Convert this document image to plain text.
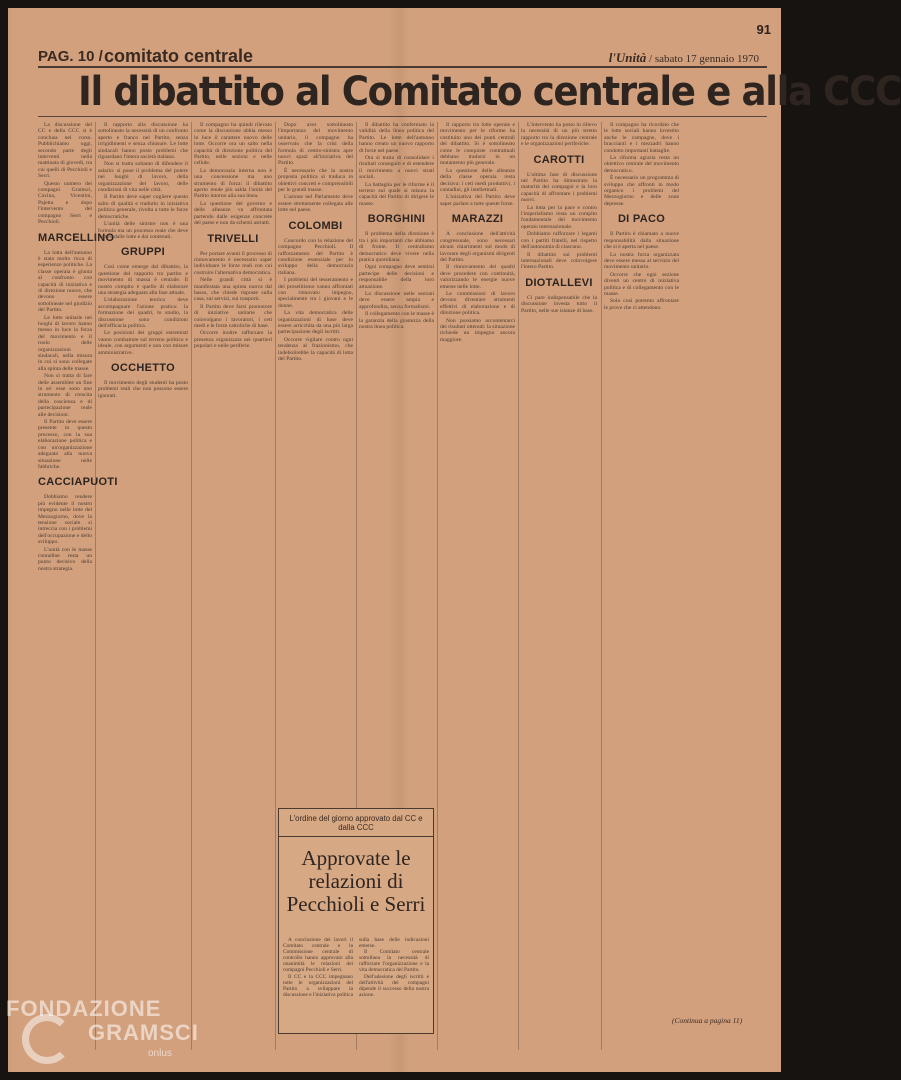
91
PAG. 10 / comitato centrale	l'Unità / sabato 17 gennaio 1970
Il dibattito al Comitato centrale e alla CCC

La discussione del CC e della CCC si è conclusa nel corso. Pubblichiamo oggi, secondo parte degli interventi nella mattinata di giovedì, tra cui quelli di Pecchioli e Serri.

Questo numero dei compagni Gramsci, Cavina, Vicentini, Pajetta e dopo l'intervento del compagno Serri e Pecchioli.

MARCELLINO

La lotta dell'autunno è stata molto ricca di esperienze politiche. La classe operaia è giunta al confronto con capacità di iniziativa e di direzione nuove, che devono essere sottolineate nel giudizio del Partito.

Le lotte unitarie nei luoghi di lavoro hanno messo in luce la forza del movimento e il ruolo delle organizzazioni sindacali, nella misura in cui si sono collegate alla spinta delle masse.

Non si tratta di fare delle assemblee un fine in sé: esse sono uno strumento di crescita della coscienza e di partecipazione reale alle decisioni.

Il Partito deve essere presente in questo processo, con la sua elaborazione politica e con un'organizzazione adeguata alla nuova situazione nelle fabbriche.

CACCIAPUOTI

Dobbiamo rendere più evidente il nostro impegno nelle lotte del Mezzogiorno, dove la tensione sociale si intreccia con i problemi dell'occupazione e dello sviluppo.

L'unità con le masse contadine resta un punto decisivo della nostra strategia.

Il rapporto alla discussione ha sottolineato la necessità di un confronto aperto e franco nel Partito, senza irrigidimenti e senza chiusure. Le lotte sindacali hanno posto problemi che riguardano l'intera società italiana.

Non si tratta soltanto di difendere il salario: si pone il problema del potere nei luoghi di lavoro, della organizzazione del lavoro, delle condizioni di vita nelle città.

Il Partito deve saper cogliere questo salto di qualità e tradurlo in iniziativa politica generale, rivolta a tutte le forze democratiche.

L'unità delle sinistre non è una formula ma un processo reale che deve partire dalle lotte e dai contenuti.

GRUPPI

Così come emerge dal dibattito, la questione del rapporto tra partito e movimento di massa è centrale. Il nostro compito è quello di elaborare una strategia adeguata alla fase attuale.

L'elaborazione teorica deve accompagnare l'azione pratica: la formazione dei quadri, lo studio, la discussione sono condizioni dell'efficacia politica.

Le posizioni dei gruppi estremisti vanno combattute sul terreno politico e ideale, con argomenti e non con misure amministrative.

OCCHETTO

Il movimento degli studenti ha posto problemi reali che non possono essere ignorati.

Il compagno ha quindi rilevato come la discussione abbia messo in luce il carattere nuovo delle lotte. Occorre ora un salto nella capacità di direzione politica del Partito, nelle sezioni e nelle cellule.

La democrazia interna non è una concessione ma uno strumento di forza: il dibattito aperto rende più salda l'unità del Partito intorno alla sua linea.

La questione del governo e delle alleanze va affrontata partendo dalle esigenze concrete del paese e non da schemi astratti.

TRIVELLI

Per portare avanti il processo di rinnovamento è necessario saper individuare le forze reali con cui costruire l'alternativa democratica.

Nelle grandi città si è manifestata una spinta nuova dal basso, che chiede risposte sulla casa, sui servizi, sui trasporti.

Il Partito deve farsi promotore di iniziative unitarie che coinvolgano i lavoratori, i ceti medi e le forze cattoliche di base.

Occorre inoltre rafforzare la presenza organizzata nei quartieri popolari e nelle periferie.

Dopo aver sottolineato l'importanza del movimento unitario, il compagno ha osservato che la crisi della formula di centro-sinistra apre nuovi spazi all'iniziativa del Partito.

È necessario che la nostra proposta politica si traduca in obiettivi concreti e comprensibili per le grandi masse.

L'azione nel Parlamento deve essere strettamente collegata alle lotte nel paese.

COLOMBI

Concordo con la relazione del compagno Pecchioli. Il rafforzamento del Partito è condizione essenziale per lo sviluppo della democrazia italiana.

I problemi del tesseramento e del proselitismo vanno affrontati con rinnovato impegno, specialmente tra i giovani e le donne.

La vita democratica delle organizzazioni di base deve essere arricchita da una più larga partecipazione degli iscritti.

Occorre vigilare contro ogni tendenza al frazionismo, che indebolirebbe la capacità di lotta del Partito.

Il dibattito ha confermato la validità della linea politica del Partito. Le lotte dell'autunno hanno creato un nuovo rapporto di forze nel paese.

Ora si tratta di consolidare i risultati conseguiti e di estendere il movimento a nuovi strati sociali.

La battaglia per le riforme è il terreno sul quale si misura la capacità del Partito di dirigere le masse.

BORGHINI

Il problema della direzione è tra i più importanti che abbiamo di fronte. Il centralismo democratico deve vivere nella pratica quotidiana.

Ogni compagno deve sentirsi partecipe delle decisioni e responsabile della loro attuazione.

La discussione nelle sezioni deve essere ampia e approfondita, senza formalismi.

Il collegamento con le masse è la garanzia della giustezza della nostra linea politica.

Il rapporto tra lotte operaie e movimento per le riforme ha costituito uno dei punti centrali del dibattito. Si è sottolineato come le conquiste contrattuali debbano tradursi in un mutamento più generale.

La questione delle alleanze della classe operaia resta decisiva: i ceti medi produttivi, i contadini, gli intellettuali.

L'iniziativa del Partito deve saper parlare a tutte queste forze.

MARAZZI

A conclusione dell'attività congressuale, sono necessari alcuni chiarimenti sul modo di lavorare degli organismi dirigenti del Partito.

Il rinnovamento dei quadri deve procedere con continuità, valorizzando le energie nuove emerse nelle lotte.

Le commissioni di lavoro devono diventare strumenti effettivi di elaborazione e di direzione politica.

Non possiamo accontentarci dei risultati ottenuti: la situazione richiede un impegno ancora maggiore.

L'intervento ha posto in rilievo la necessità di un più stretto rapporto tra la direzione centrale e le organizzazioni periferiche.

CAROTTI

L'ultima fase di discussione nel Partito ha dimostrato la maturità dei compagni e la loro capacità di affrontare i problemi nuovi.

La lotta per la pace e contro l'imperialismo resta un compito fondamentale del movimento operaio internazionale.

Dobbiamo rafforzare i legami con i partiti fratelli, nel rispetto dell'autonomia di ciascuno.

Il dibattito sui problemi internazionali deve coinvolgere l'intero Partito.

DIOTALLEVI

Ci pare indispensabile che la discussione investa tutto il Partito, nelle sue istanze di base.

Il compagno ha ricordato che le lotte sociali hanno investito anche le campagne, dove i braccianti e i mezzadri hanno condotto importanti battaglie.

La riforma agraria resta un obiettivo centrale del movimento democratico.

È necessario un programma di sviluppo che affronti in modo organico i problemi del Mezzogiorno e delle zone depresse.

DI PACO

Il Partito è chiamato a nuove responsabilità dalla situazione che si è aperta nel paese.

La nostra forza organizzata deve essere messa al servizio del movimento unitario.

Occorre che ogni sezione diventi un centro di iniziativa politica e di collegamento con le masse.

Solo così potremo affrontare le prove che ci attendono.

L'ordine del giorno approvato dal CC e dalla CCC
Approvate le relazioni di Pecchioli e Serri

A conclusione dei lavori il Comitato centrale e la Commissione centrale di controllo hanno approvato alla unanimità le relazioni dei compagni Pecchioli e Serri.

Il CC e la CCC impegnano tutte le organizzazioni del Partito a sviluppare la discussione e l'iniziativa politica sulla base delle indicazioni emerse.

Il Comitato centrale sottolinea la necessità di rafforzare l'organizzazione e la vita democratica del Partito.

Dell'adesione degli iscritti e dell'attività dei compagni dipende il successo della nostra azione.

(Continua a pagina 11)
FONDAZIONE
GRAMSCI
onlus
